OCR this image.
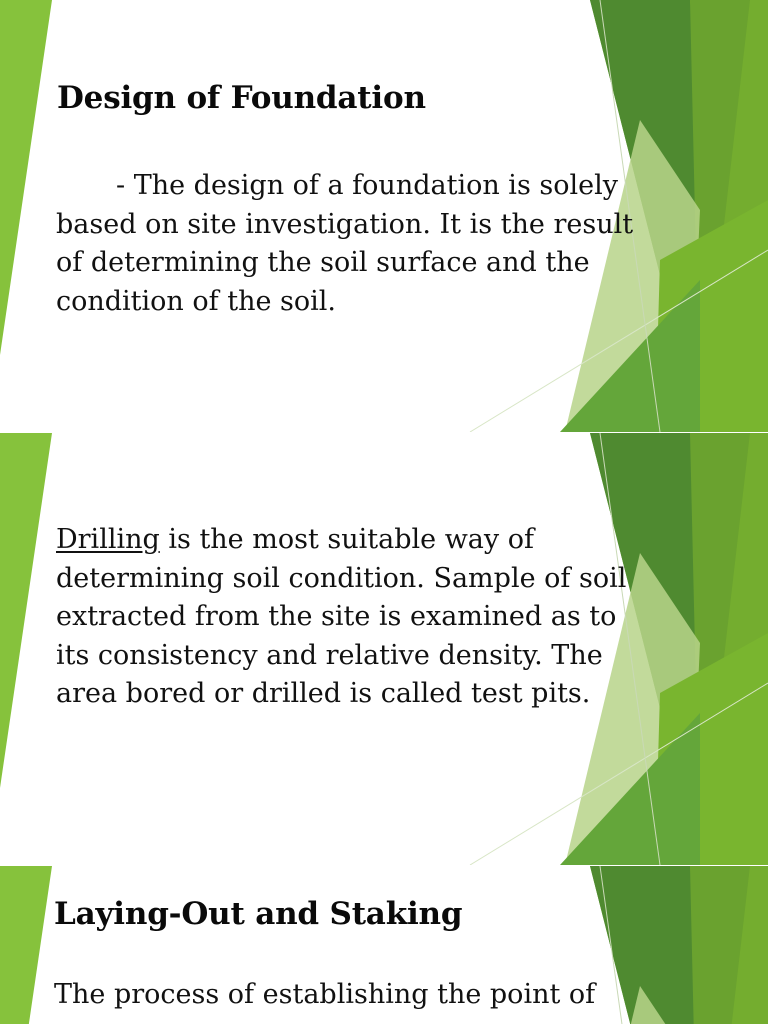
Design of Foundation
- The design of a foundation is solely
based on site investigation. It is the result
of determining the soil surface and the
condition of the soil.
Drilling is the most suitable way of
determining soil condition. Sample of soil
extracted from the site is examined as to
its consistency and relative density. The
area bored or drilled is called test pits.
Laying-Out and Staking
The process of establishing the point of
